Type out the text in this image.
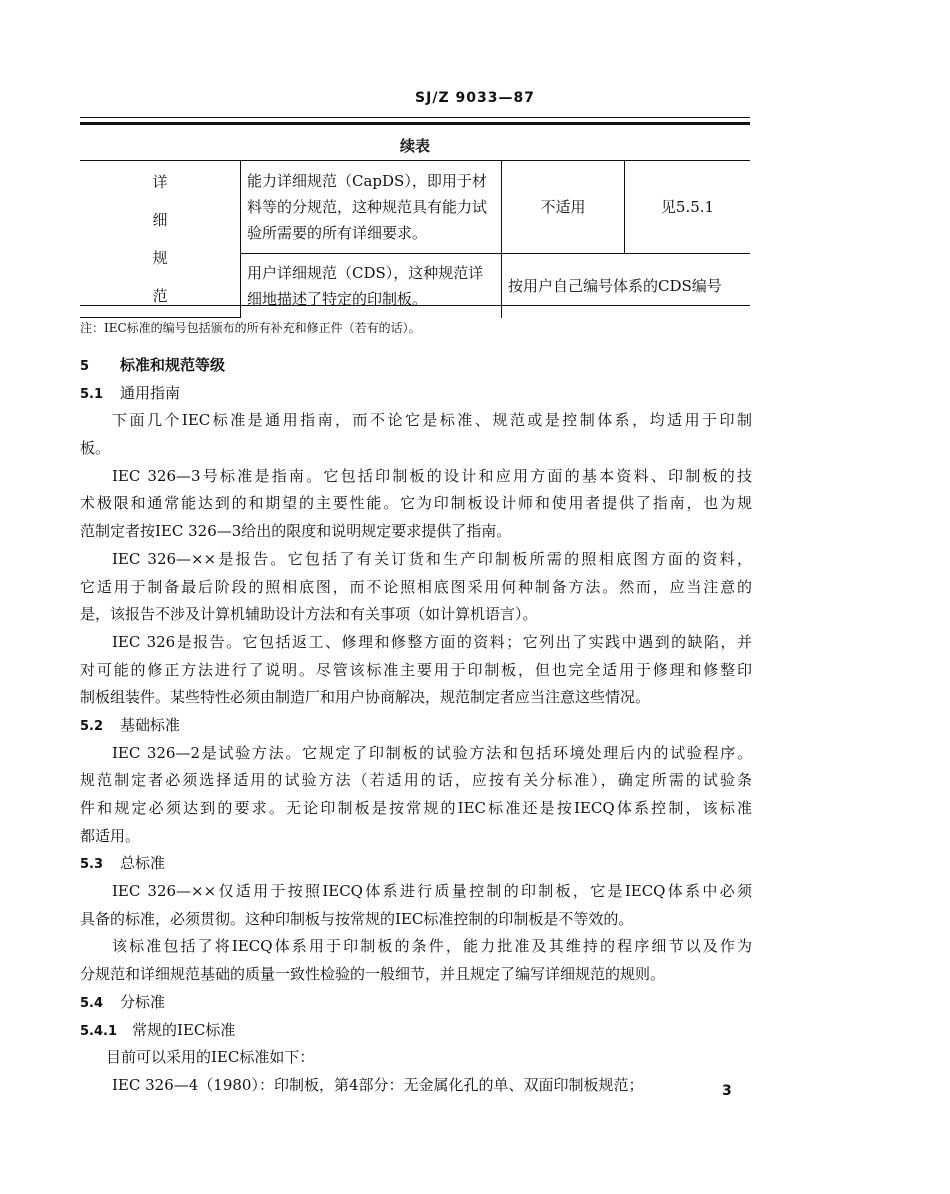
SJ/Z 9033—87
续表
详
细
规
范	能力详细规范（CapDS），即用于材料等的分规范，这种规范具有能力试验所需要的所有详细要求。	不适用	见5.5.1
	用户详细规范（CDS），这种规范详细地描述了特定的印制板。	按用户自己编号体系的CDS编号	
注：IEC标准的编号包括颁布的所有补充和修正件（若有的话）。
5 标准和规范等级
5.1 通用指南
下面几个IEC标准是通用指南，而不论它是标准、规范或是控制体系，均适用于印制
板。
IEC 326—3号标准是指南。它包括印制板的设计和应用方面的基本资料、印制板的技
术极限和通常能达到的和期望的主要性能。它为印制板设计师和使用者提供了指南，也为规
范制定者按IEC 326—3给出的限度和说明规定要求提供了指南。
IEC 326—××是报告。它包括了有关订货和生产印制板所需的照相底图方面的资料，
它适用于制备最后阶段的照相底图，而不论照相底图采用何种制备方法。然而，应当注意的
是，该报告不涉及计算机辅助设计方法和有关事项（如计算机语言）。
IEC 326是报告。它包括返工、修理和修整方面的资料；它列出了实践中遇到的缺陷，并
对可能的修正方法进行了说明。尽管该标准主要用于印制板，但也完全适用于修理和修整印
制板组装件。某些特性必须由制造厂和用户协商解决，规范制定者应当注意这些情况。
5.2 基础标准
IEC 326—2是试验方法。它规定了印制板的试验方法和包括环境处理后内的试验程序。
规范制定者必须选择适用的试验方法（若适用的话，应按有关分标准），确定所需的试验条
件和规定必须达到的要求。无论印制板是按常规的IEC标准还是按IECQ体系控制，该标准
都适用。
5.3 总标准
IEC 326—××仅适用于按照IECQ体系进行质量控制的印制板，它是IECQ体系中必须
具备的标准，必须贯彻。这种印制板与按常规的IEC标准控制的印制板是不等效的。
该标准包括了将IECQ体系用于印制板的条件，能力批准及其维持的程序细节以及作为
分规范和详细规范基础的质量一致性检验的一般细节，并且规定了编写详细规范的规则。
5.4 分标准
5.4.1 常规的IEC标准
目前可以采用的IEC标准如下：
IEC 326—4（1980）：印制板，第4部分：无金属化孔的单、双面印制板规范；	3
